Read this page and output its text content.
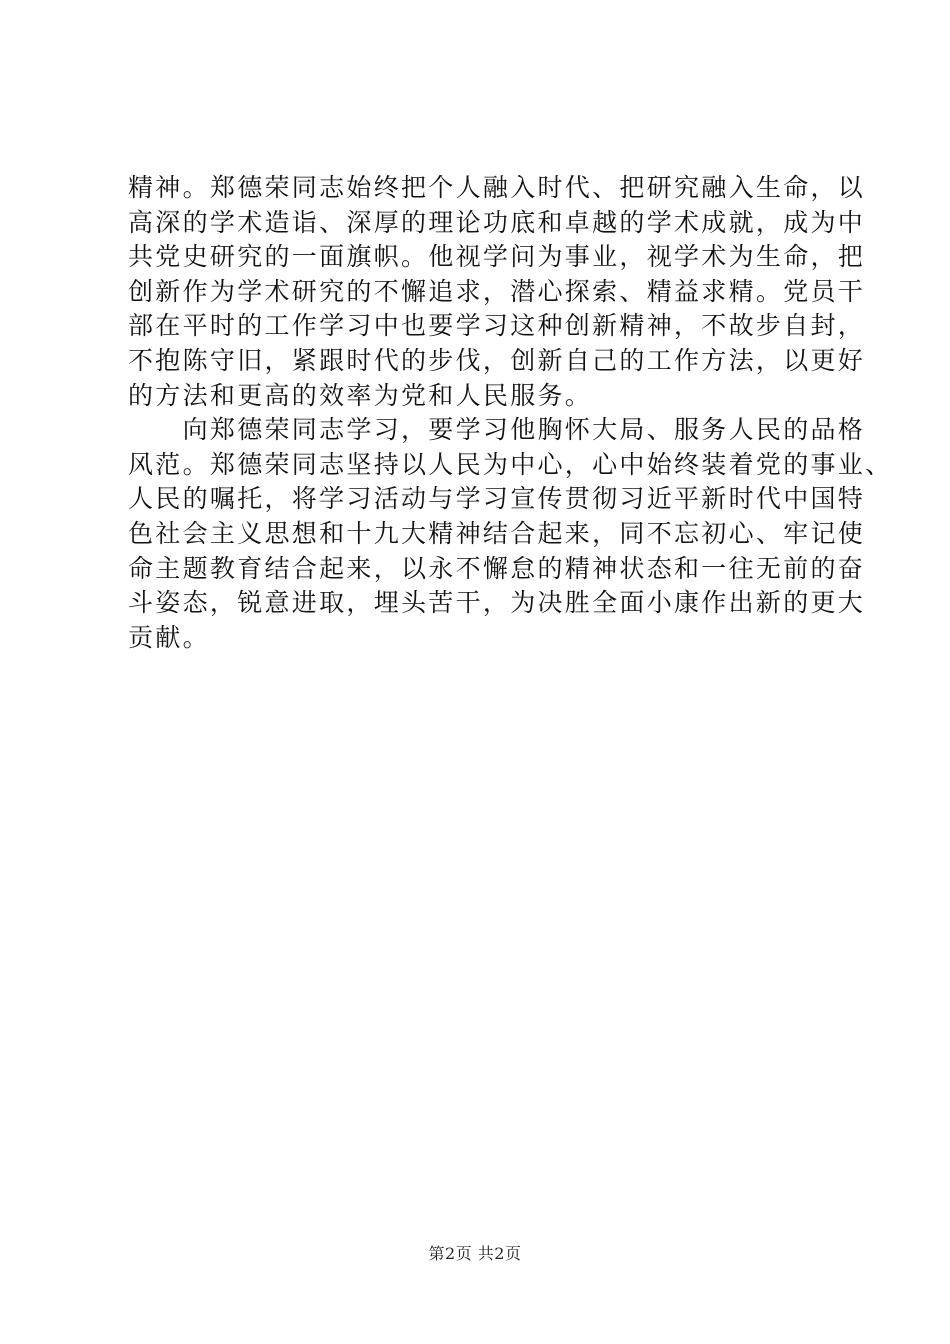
精神。郑德荣同志始终把个人融入时代、把研究融入生命，以
高深的学术造诣、深厚的理论功底和卓越的学术成就，成为中
共党史研究的一面旗帜。他视学问为事业，视学术为生命，把
创新作为学术研究的不懈追求，潜心探索、精益求精。党员干
部在平时的工作学习中也要学习这种创新精神，不故步自封，
不抱陈守旧，紧跟时代的步伐，创新自己的工作方法，以更好
的方法和更高的效率为党和人民服务。
　　向郑德荣同志学习，要学习他胸怀大局、服务人民的品格
风范。郑德荣同志坚持以人民为中心，心中始终装着党的事业、
人民的嘱托，将学习活动与学习宣传贯彻习近平新时代中国特
色社会主义思想和十九大精神结合起来，同不忘初心、牢记使
命主题教育结合起来，以永不懈怠的精神状态和一往无前的奋
斗姿态，锐意进取，埋头苦干，为决胜全面小康作出新的更大
贡献。
第2页 共2页
